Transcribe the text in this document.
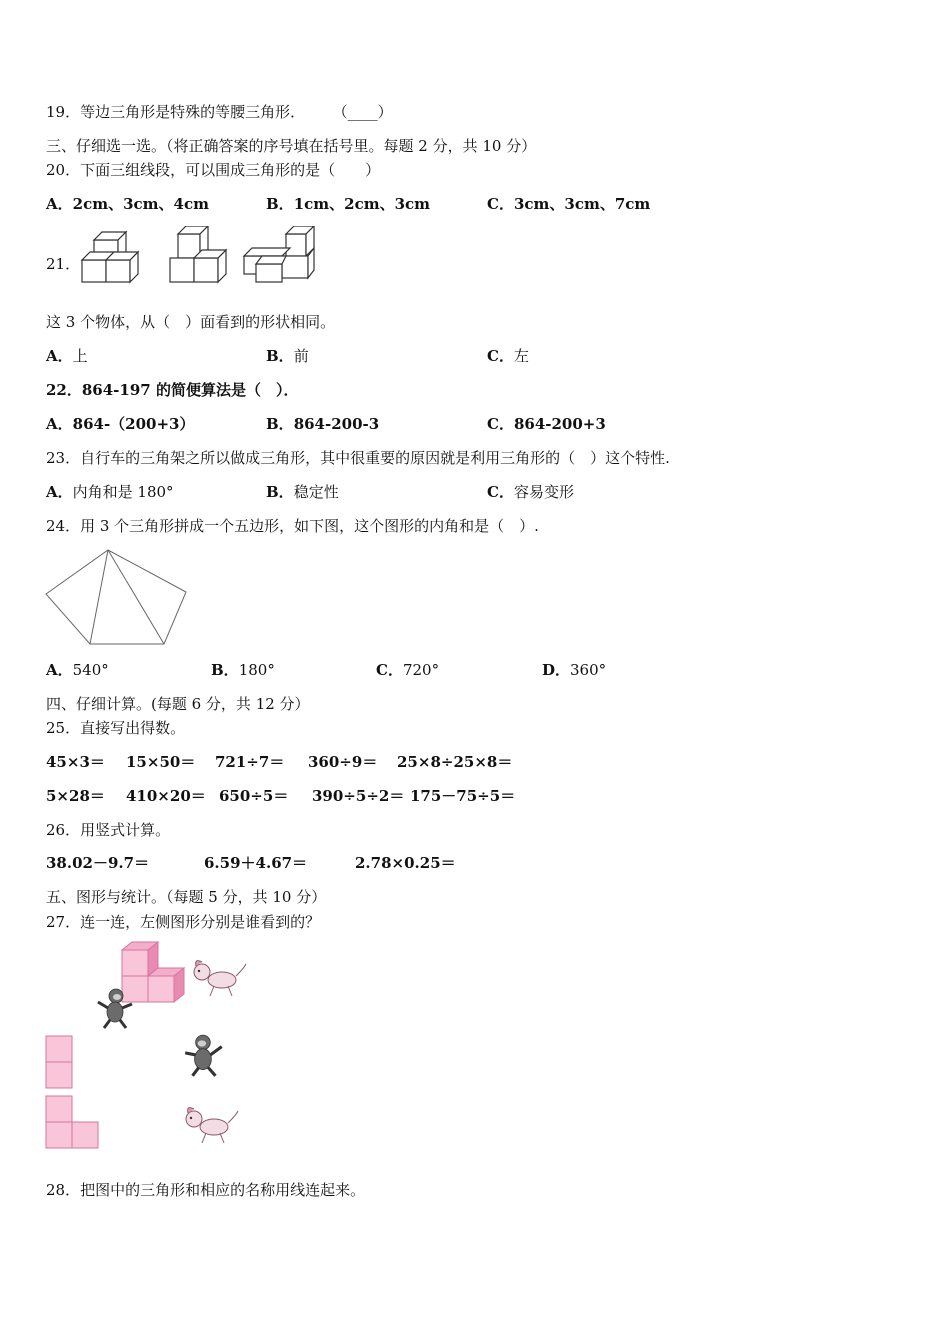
19．等边三角形是特殊的等腰三角形． （____）
三、仔细选一选。（将正确答案的序号填在括号里。每题 2 分，共 10 分）
20．下面三组线段，可以围成三角形的是（　　）
A．2cm、3cm、4cm	B．1cm、2cm、3cm	C．3cm、3cm、7cm
21．
这 3 个物体，从（　）面看到的形状相同。
A．上	B．前	C．左
22．864-197 的简便算法是（　）．
A．864-（200+3）	B．864-200-3	C．864-200+3
23．自行车的三角架之所以做成三角形，其中很重要的原因就是利用三角形的（　）这个特性.
A．内角和是 180°	B．稳定性	C．容易变形
24．用 3 个三角形拼成一个五边形，如下图，这个图形的内角和是（　）.
A．540°	B．180°	C．720°	D．360°
四、仔细计算。(每题 6 分，共 12 分）
25．直接写出得数。
45×3＝ 15×50＝ 721÷7＝ 360÷9＝ 25×8÷25×8＝
5×28＝ 410×20＝ 650÷5＝ 390÷5÷2＝ 175－75÷5＝
26．用竖式计算。
38.02－9.7＝	6.59＋4.67＝	2.78×0.25＝
五、图形与统计。（每题 5 分，共 10 分）
27．连一连，左侧图形分别是谁看到的？
28．把图中的三角形和相应的名称用线连起来。
